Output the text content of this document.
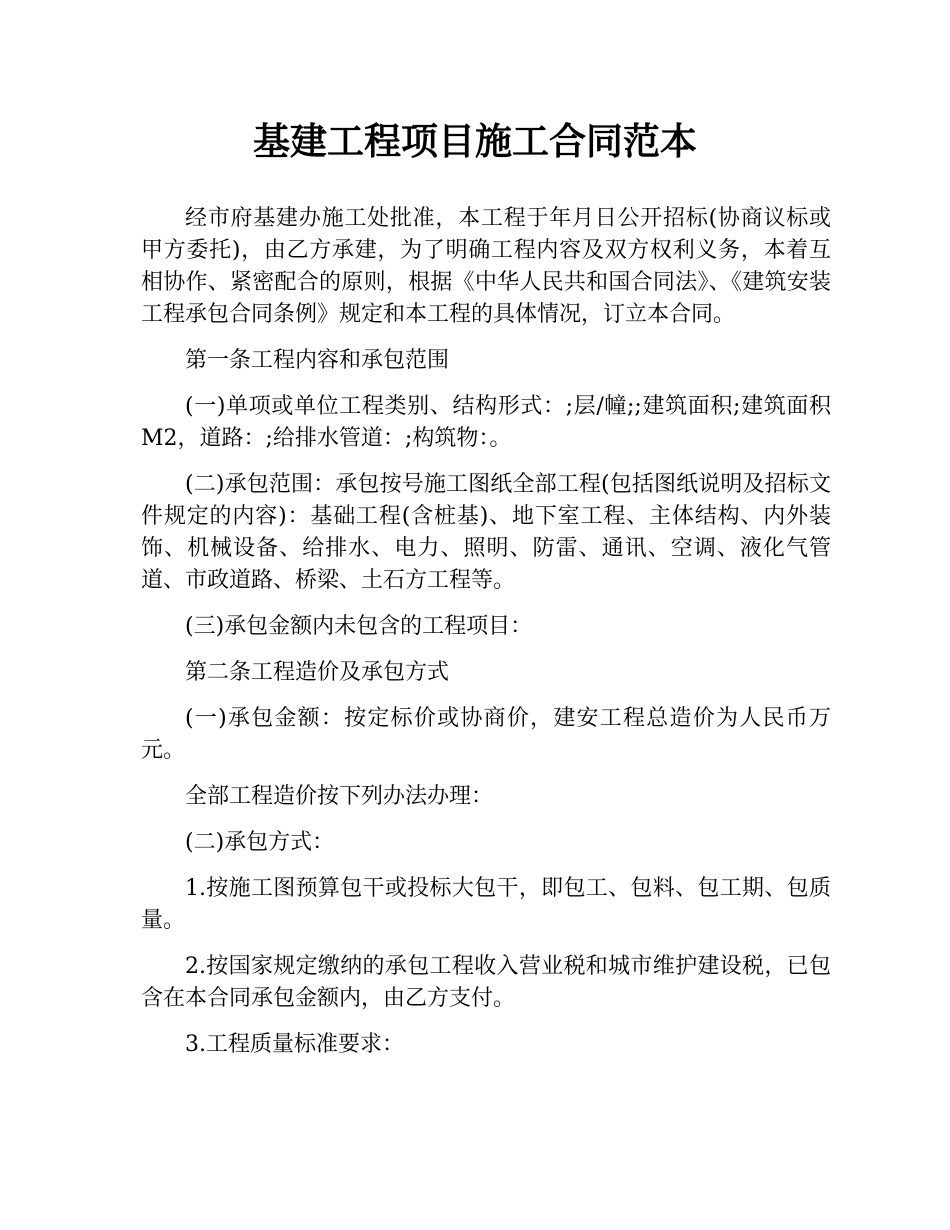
基建工程项目施工合同范本

经市府基建办施工处批准，本工程于年月日公开招标(协商议标或甲方委托)，由乙方承建，为了明确工程内容及双方权利义务，本着互相协作、紧密配合的原则，根据《中华人民共和国合同法》、《建筑安装工程承包合同条例》规定和本工程的具体情况，订立本合同。

第一条工程内容和承包范围

(一)单项或单位工程类别、结构形式：;层/幢;;建筑面积;建筑面积M2，道路：;给排水管道：;构筑物：。

(二)承包范围：承包按号施工图纸全部工程(包括图纸说明及招标文件规定的内容)：基础工程(含桩基)、地下室工程、主体结构、内外装饰、机械设备、给排水、电力、照明、防雷、通讯、空调、液化气管道、市政道路、桥梁、土石方工程等。

(三)承包金额内未包含的工程项目：

第二条工程造价及承包方式

(一)承包金额：按定标价或协商价，建安工程总造价为人民币万元。

全部工程造价按下列办法办理：

(二)承包方式：

1.按施工图预算包干或投标大包干，即包工、包料、包工期、包质量。

2.按国家规定缴纳的承包工程收入营业税和城市维护建设税，已包含在本合同承包金额内，由乙方支付。

3.工程质量标准要求：
